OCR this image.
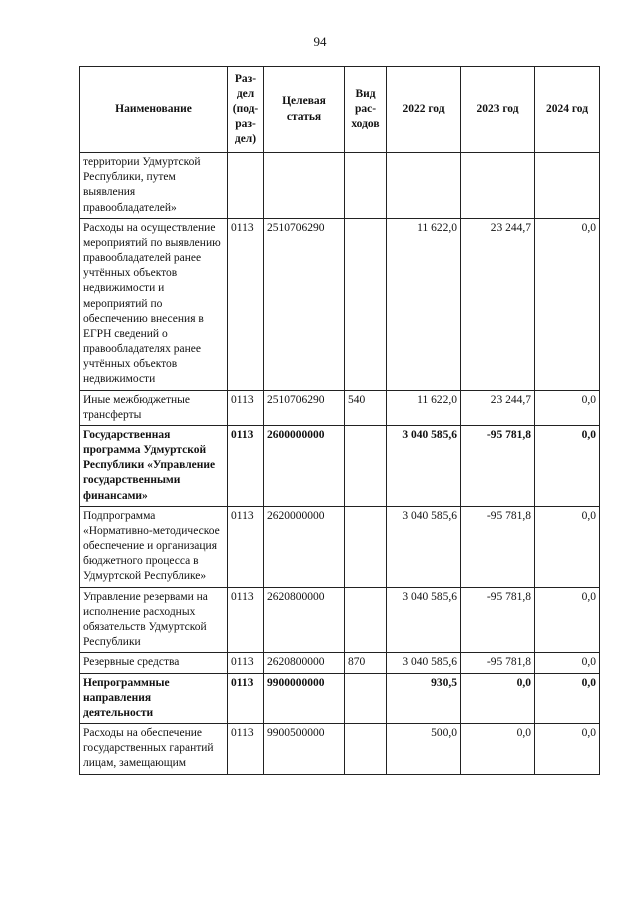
94
Наименование	Раз-
дел
(под-
раз-
дел)	Целевая
статья	Вид
рас-
ходов	2022 год	2023 год	2024 год
территории Удмуртской Республики, путем выявления правообладателей»						
Расходы на осуществление мероприятий по выявлению правообладателей ранее учтённых объектов недвижимости и мероприятий по обеспечению внесения в ЕГРН сведений о правообладателях ранее учтённых объектов недвижимости	0113	2510706290		11 622,0	23 244,7	0,0
Иные межбюджетные трансферты	0113	2510706290	540	11 622,0	23 244,7	0,0
Государственная программа Удмуртской Республики «Управление государственными финансами»	0113	2600000000		3 040 585,6	-95 781,8	0,0
Подпрограмма «Нормативно-методическое обеспечение и организация бюджетного процесса в Удмуртской Республике»	0113	2620000000		3 040 585,6	-95 781,8	0,0
Управление резервами на исполнение расходных обязательств Удмуртской Республики	0113	2620800000		3 040 585,6	-95 781,8	0,0
Резервные средства	0113	2620800000	870	3 040 585,6	-95 781,8	0,0
Непрограммные направления деятельности	0113	9900000000		930,5	0,0	0,0
Расходы на обеспечение государственных гарантий лицам, замещающим	0113	9900500000		500,0	0,0	0,0
